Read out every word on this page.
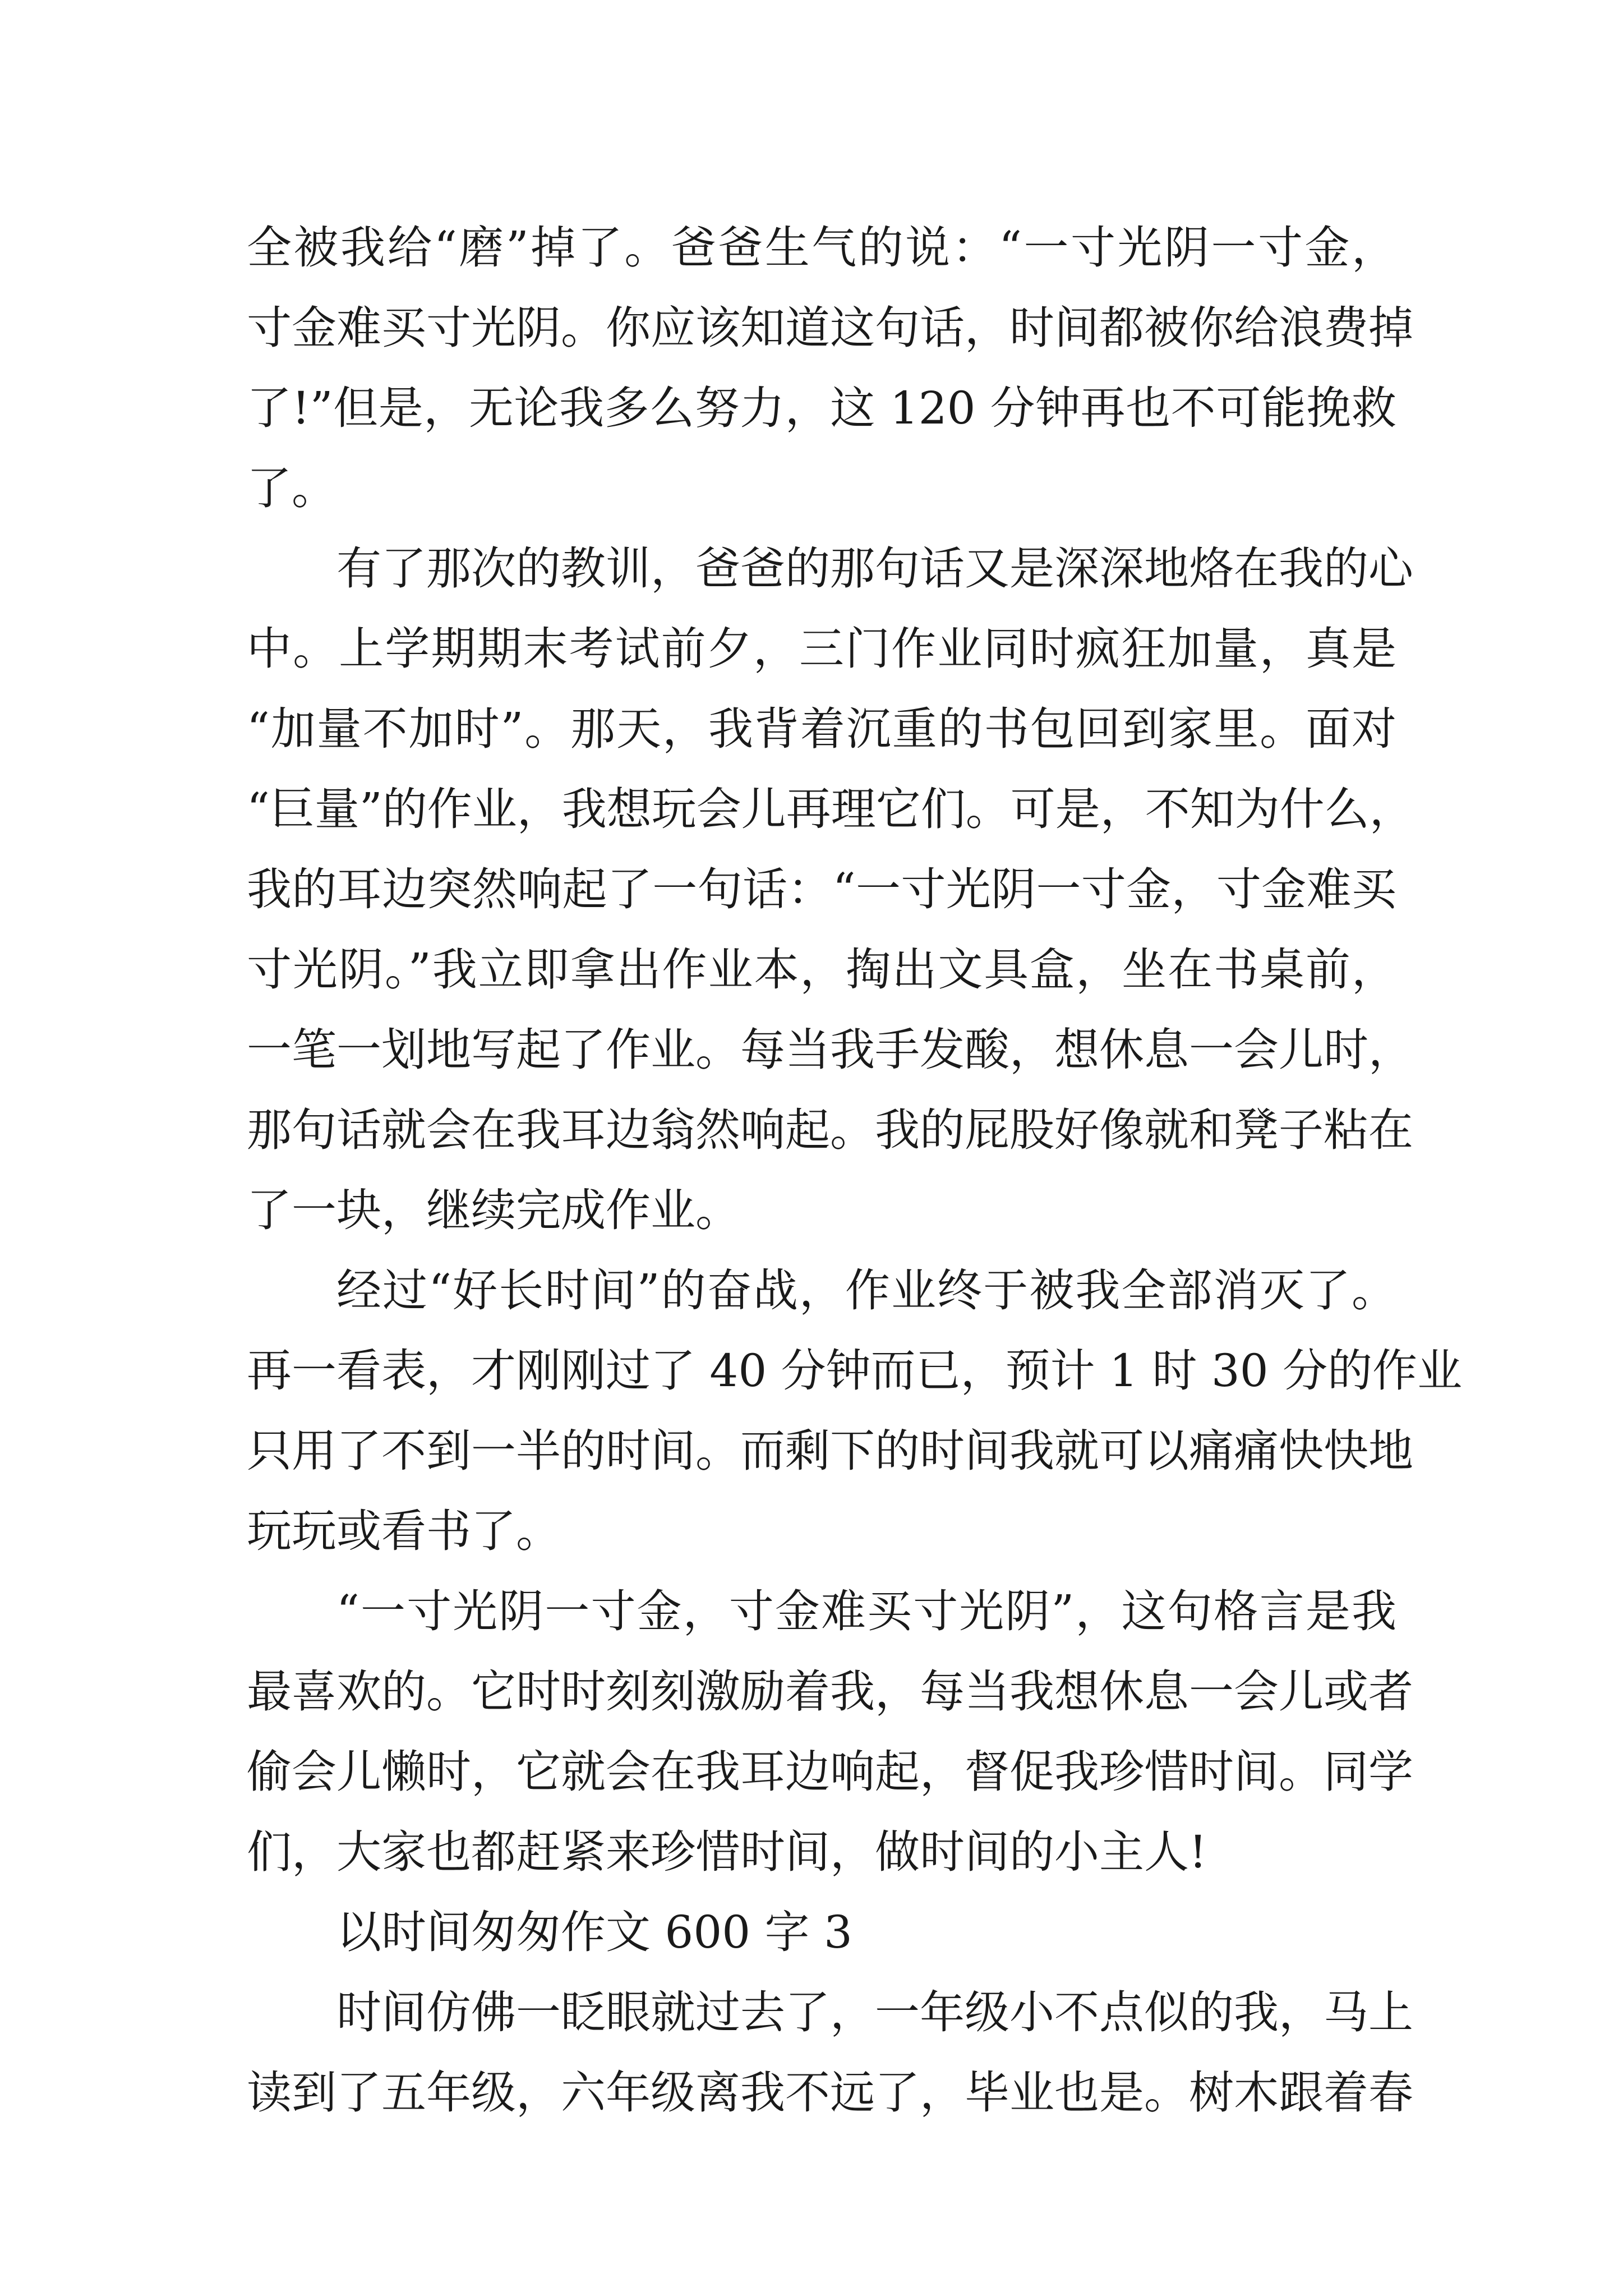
全被我给“磨”掉了。爸爸生气的说：“一寸光阴一寸金，
寸金难买寸光阴。你应该知道这句话，时间都被你给浪费掉
了!”但是，无论我多么努力，这 120 分钟再也不可能挽救
了。
有了那次的教训，爸爸的那句话又是深深地烙在我的心
中。上学期期末考试前夕，三门作业同时疯狂加量，真是
“加量不加时”。那天，我背着沉重的书包回到家里。面对
“巨量”的作业，我想玩会儿再理它们。可是，不知为什么，
我的耳边突然响起了一句话：“一寸光阴一寸金，寸金难买
寸光阴。”我立即拿出作业本，掏出文具盒，坐在书桌前，
一笔一划地写起了作业。每当我手发酸，想休息一会儿时，
那句话就会在我耳边翁然响起。我的屁股好像就和凳子粘在
了一块，继续完成作业。
经过“好长时间”的奋战，作业终于被我全部消灭了。
再一看表，才刚刚过了 40 分钟而已，预计 1 时 30 分的作业
只用了不到一半的时间。而剩下的时间我就可以痛痛快快地
玩玩或看书了。
“一寸光阴一寸金，寸金难买寸光阴”，这句格言是我
最喜欢的。它时时刻刻激励着我，每当我想休息一会儿或者
偷会儿懒时，它就会在我耳边响起，督促我珍惜时间。同学
们，大家也都赶紧来珍惜时间，做时间的小主人!
以时间匆匆作文 600 字 3
时间仿佛一眨眼就过去了，一年级小不点似的我，马上
读到了五年级，六年级离我不远了，毕业也是。树木跟着春
